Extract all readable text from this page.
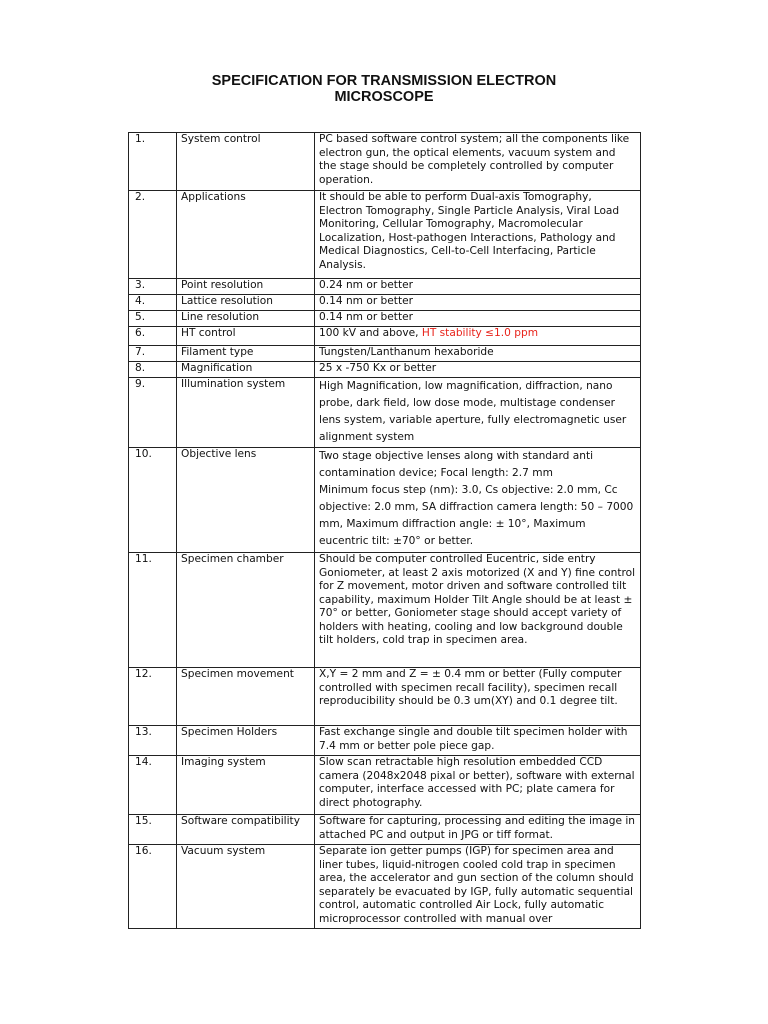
SPECIFICATION FOR TRANSMISSION ELECTRON
MICROSCOPE
1.	System control	PC based software control system; all the components like electron gun, the optical elements, vacuum system and the stage should be completely controlled by computer operation.
2.	Applications	It should be able to perform Dual-axis Tomography, Electron Tomography, Single Particle Analysis, Viral Load Monitoring, Cellular Tomography, Macromolecular Localization, Host-pathogen Interactions, Pathology and Medical Diagnostics, Cell-to-Cell Interfacing, Particle Analysis.
3.	Point resolution	0.24 nm or better
4.	Lattice resolution	0.14 nm or better
5.	Line resolution	0.14 nm or better
6.	HT control	100 kV and above, HT stability ≤1.0 ppm
7.	Filament type	Tungsten/Lanthanum hexaboride
8.	Magnification	25 x -750 Kx or better
9.	Illumination system	High Magnification, low magnification, diffraction, nano probe, dark field, low dose mode, multistage condenser lens system, variable aperture, fully electromagnetic user alignment system
10.	Objective lens	Two stage objective lenses along with standard anti contamination device; Focal length: 2.7 mm
Minimum focus step (nm): 3.0, Cs objective: 2.0 mm, Cc objective: 2.0 mm, SA diffraction camera length: 50 – 7000 mm, Maximum diffraction angle: ± 10°, Maximum eucentric tilt: ±70° or better.

11.	Specimen chamber	Should be computer controlled Eucentric, side entry Goniometer, at least 2 axis motorized (X and Y) fine control for Z movement, motor driven and software controlled tilt capability, maximum Holder Tilt Angle should be at least ± 70° or better, Goniometer stage should accept variety of holders with heating, cooling and low background double tilt holders, cold trap in specimen area.
12.	Specimen movement	X,Y = 2 mm and Z = ± 0.4 mm or better (Fully computer controlled with specimen recall facility), specimen recall reproducibility should be 0.3 um(XY) and 0.1 degree tilt.
13.	Specimen Holders	Fast exchange single and double tilt specimen holder with 7.4 mm or better pole piece gap.
14.	Imaging system	Slow scan retractable high resolution embedded CCD camera (2048x2048 pixal or better), software with external computer, interface accessed with PC; plate camera for direct photography.
15.	Software compatibility	Software for capturing, processing and editing the image in attached PC and output in JPG or tiff format.
16.	Vacuum system	Separate ion getter pumps (IGP) for specimen area and liner tubes, liquid-nitrogen cooled cold trap in specimen area, the accelerator and gun section of the column should separately be evacuated by IGP, fully automatic sequential control, automatic controlled Air Lock, fully automatic microprocessor controlled with manual over
